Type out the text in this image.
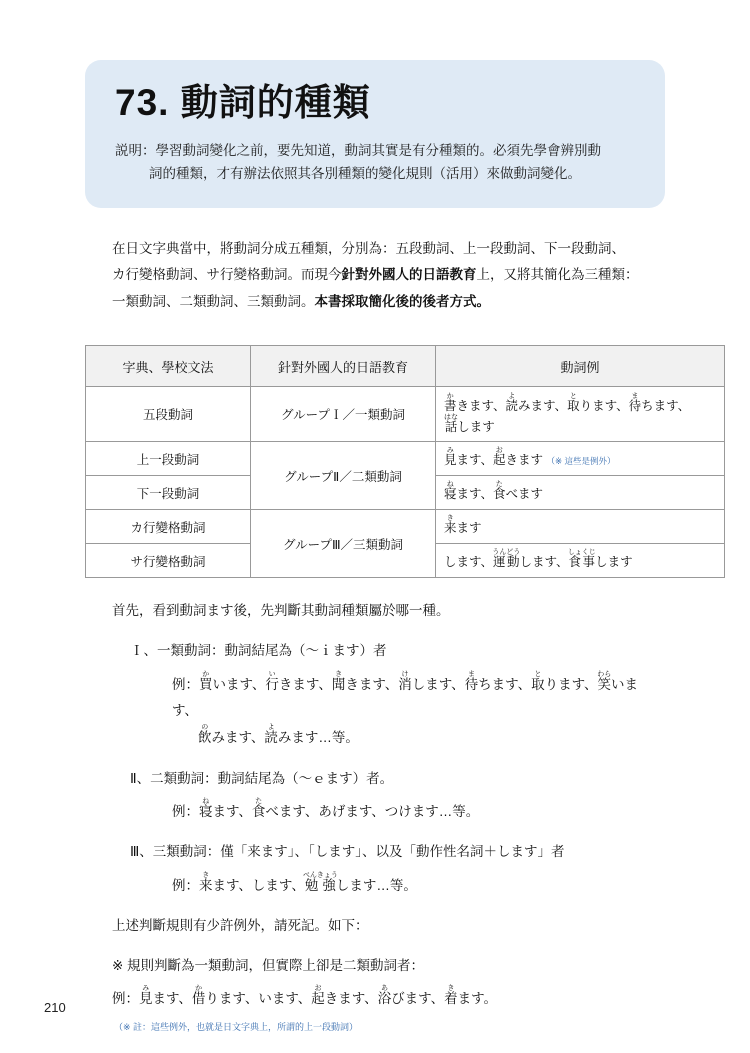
73. 動詞的種類
説明：學習動詞變化之前，要先知道，動詞其實是有分種類的。必須先學會辨別動
詞的種類，才有辦法依照其各別種類的變化規則（活用）來做動詞變化。
在日文字典當中，將動詞分成五種類，分別為：五段動詞、上一段動詞、下一段動詞、
カ行變格動詞、サ行變格動詞。而現今針對外國人的日語教育上，又將其簡化為三種類：
一類動詞、二類動詞、三類動詞。本書採取簡化後的後者方式。
字典、學校文法	針對外國人的日語教育	動詞例
五段動詞	グループＩ／一類動詞	書かきます、読よみます、取とります、待まちます、
話はなします

上一段動詞	グループⅡ／二類動詞	見みます、起おきます （※ 這些是例外）
下一段動詞		寝ねます、食たべます
カ行變格動詞	グループⅢ／三類動詞	来きます
サ行變格動詞		します、運動うんどうします、食事しょくじします
首先，看到動詞ます後，先判斷其動詞種類屬於哪一種。
Ｉ、一類動詞：動詞結尾為（〜ｉます）者
例：買かいます、行いきます、聞ききます、消けします、待まちます、取とります、笑わらいます、
飲のみます、読よみます…等。
Ⅱ、二類動詞：動詞結尾為（〜ｅます）者。
例：寝ねます、食たべます、あげます、つけます…等。
Ⅲ、三類動詞：僅「来ます」、「します」、以及「動作性名詞＋します」者
例：来きます、します、勉強べんきょうします…等。
上述判斷規則有少許例外，請死記。如下：
※ 規則判斷為一類動詞，但實際上卻是二類動詞者：
例：見みます、借かります、います、起おきます、浴あびます、着きます。
（※ 註：這些例外，也就是日文字典上，所謂的上一段動詞）
210
